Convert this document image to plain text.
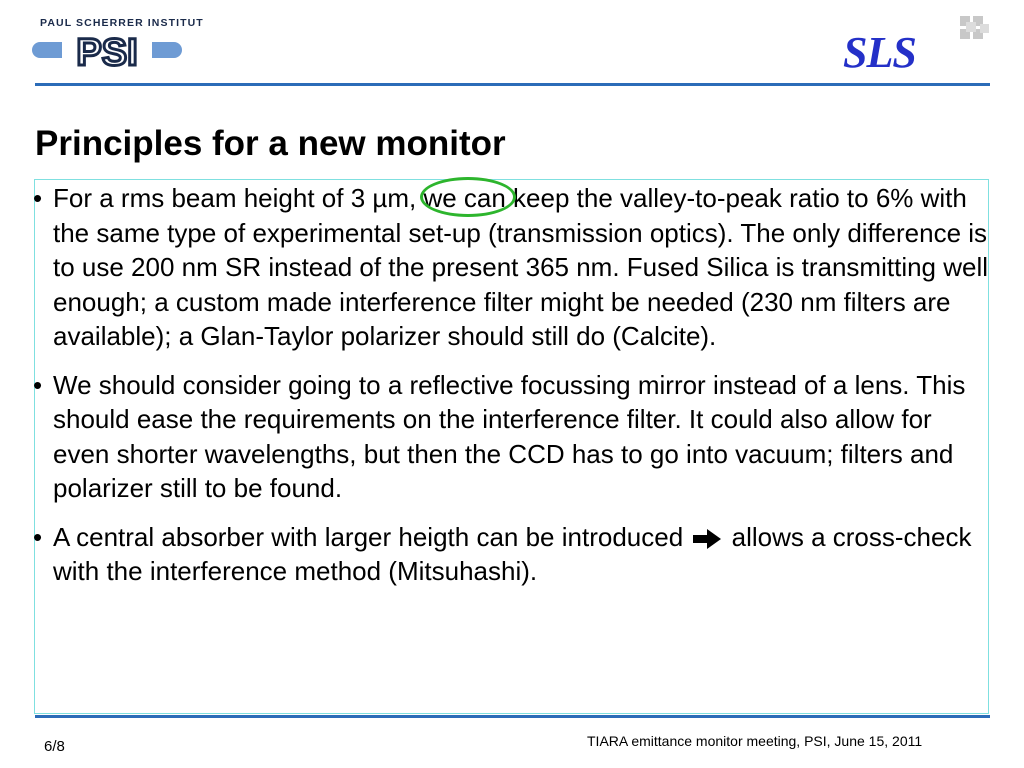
PAUL SCHERRER INSTITUT
PSI	SLS
Principles for a new monitor
• For a rms beam height of 3 µm, we can keep the valley-to-peak ratio to 6% with the same type of experimental set-up (transmission optics). The only difference is to use 200 nm SR instead of the present 365 nm. Fused Silica is transmitting well enough; a custom made interference filter might be needed (230 nm filters are available); a Glan-Taylor polarizer should still do (Calcite).
• We should consider going to a reflective focussing mirror instead of a lens. This should ease the requirements on the interference filter. It could also allow for even shorter wavelengths, but then the CCD has to go into vacuum; filters and polarizer still to be found.
• A central absorber with larger heigth can be introduced  allows a cross-check with the interference method (Mitsuhashi).
6/8	TIARA emittance monitor meeting, PSI, June 15, 2011
